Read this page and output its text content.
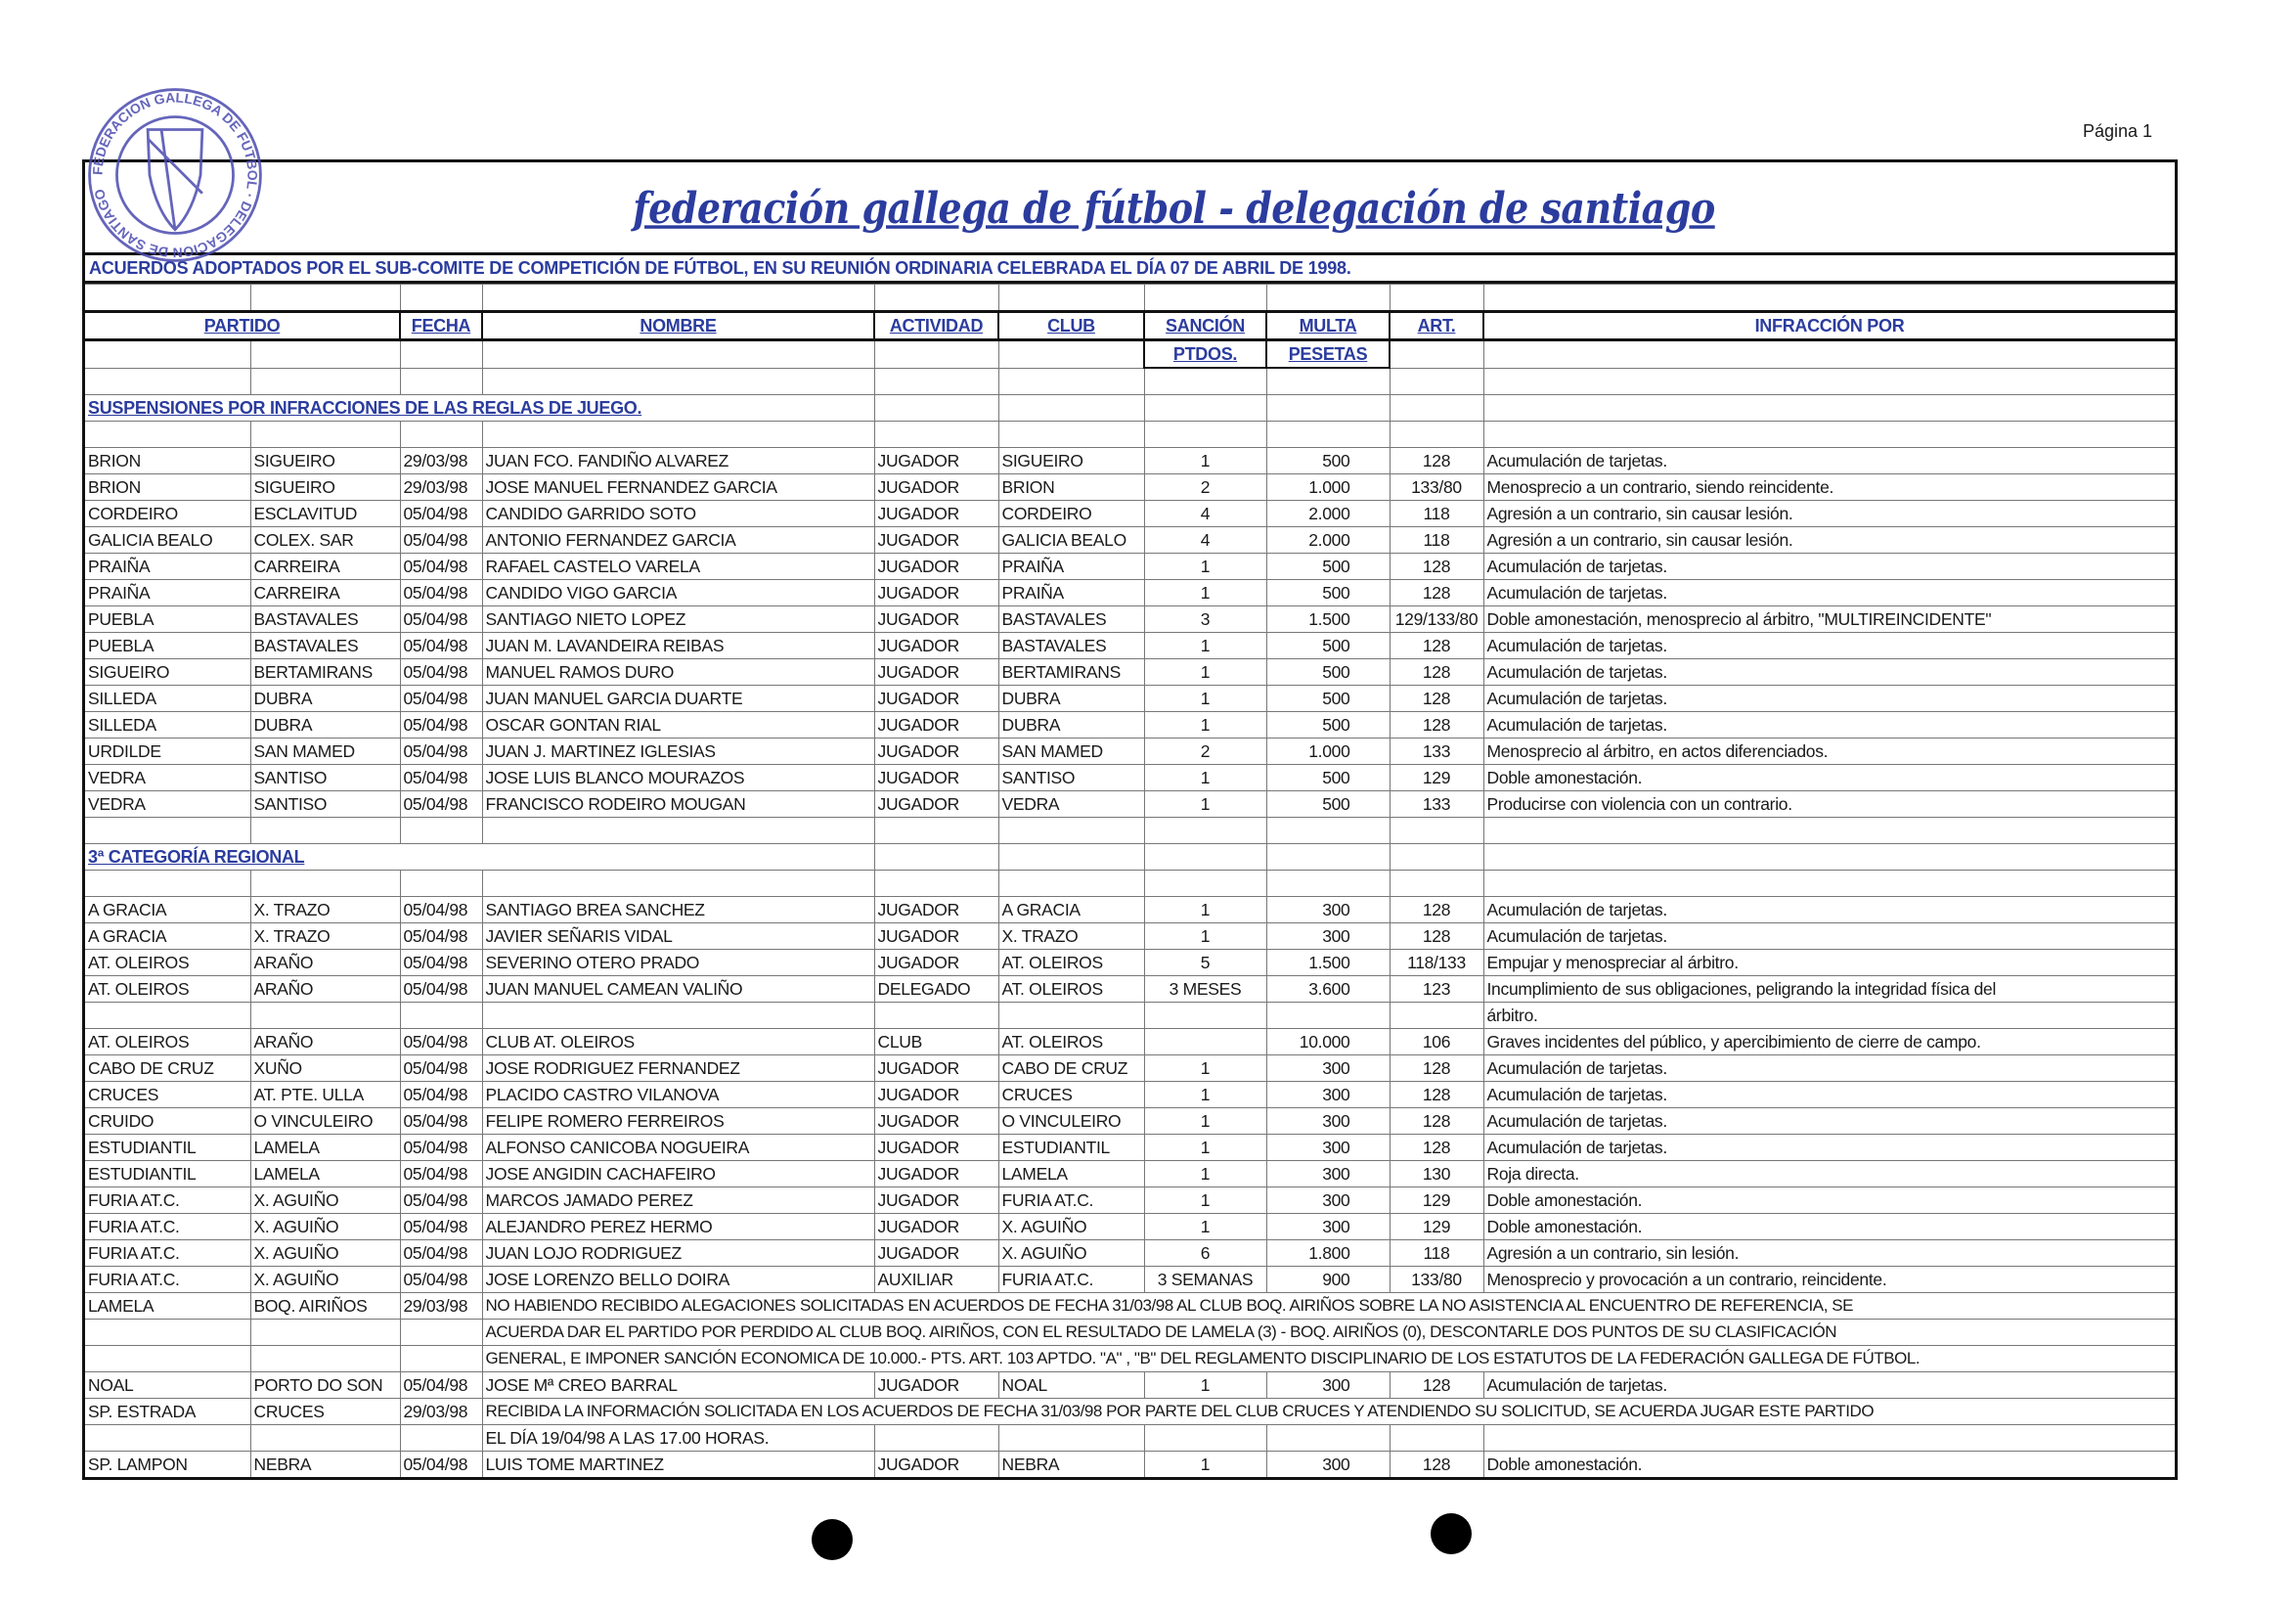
Página 1
federación gallega de fútbol - delegación de santiago
ACUERDOS ADOPTADOS POR EL SUB-COMITE DE COMPETICIÓN DE FÚTBOL, EN SU REUNIÓN ORDINARIA CELEBRADA EL DÍA 07 DE ABRIL DE 1998.

PARTIDO		FECHA	NOMBRE	ACTIVIDAD	CLUB	SANCIÓN	MULTA	ART.	INFRACCIÓN POR
						PTDOS.	PESETAS		

SUSPENSIONES POR INFRACCIONES DE LAS REGLAS DE JUEGO.									

BRION	SIGUEIRO	29/03/98	JUAN FCO. FANDIÑO ALVAREZ	JUGADOR	SIGUEIRO	1	500	128	Acumulación de tarjetas.
BRION	SIGUEIRO	29/03/98	JOSE MANUEL FERNANDEZ GARCIA	JUGADOR	BRION	2	1.000	133/80	Menosprecio a un contrario, siendo reincidente.
CORDEIRO	ESCLAVITUD	05/04/98	CANDIDO GARRIDO SOTO	JUGADOR	CORDEIRO	4	2.000	118	Agresión a un contrario, sin causar lesión.
GALICIA BEALO	COLEX. SAR	05/04/98	ANTONIO FERNANDEZ GARCIA	JUGADOR	GALICIA BEALO	4	2.000	118	Agresión a un contrario, sin causar lesión.
PRAIÑA	CARREIRA	05/04/98	RAFAEL CASTELO VARELA	JUGADOR	PRAIÑA	1	500	128	Acumulación de tarjetas.
PRAIÑA	CARREIRA	05/04/98	CANDIDO VIGO GARCIA	JUGADOR	PRAIÑA	1	500	128	Acumulación de tarjetas.
PUEBLA	BASTAVALES	05/04/98	SANTIAGO NIETO LOPEZ	JUGADOR	BASTAVALES	3	1.500	129/133/80	Doble amonestación, menosprecio al árbitro, "MULTIREINCIDENTE"
PUEBLA	BASTAVALES	05/04/98	JUAN M. LAVANDEIRA REIBAS	JUGADOR	BASTAVALES	1	500	128	Acumulación de tarjetas.
SIGUEIRO	BERTAMIRANS	05/04/98	MANUEL RAMOS DURO	JUGADOR	BERTAMIRANS	1	500	128	Acumulación de tarjetas.
SILLEDA	DUBRA	05/04/98	JUAN MANUEL GARCIA DUARTE	JUGADOR	DUBRA	1	500	128	Acumulación de tarjetas.
SILLEDA	DUBRA	05/04/98	OSCAR GONTAN RIAL	JUGADOR	DUBRA	1	500	128	Acumulación de tarjetas.
URDILDE	SAN MAMED	05/04/98	JUAN J. MARTINEZ IGLESIAS	JUGADOR	SAN MAMED	2	1.000	133	Menosprecio al árbitro, en actos diferenciados.
VEDRA	SANTISO	05/04/98	JOSE LUIS BLANCO MOURAZOS	JUGADOR	SANTISO	1	500	129	Doble amonestación.
VEDRA	SANTISO	05/04/98	FRANCISCO RODEIRO MOUGAN	JUGADOR	VEDRA	1	500	133	Producirse con violencia con un contrario.

3ª CATEGORÍA REGIONAL									

A GRACIA	X. TRAZO	05/04/98	SANTIAGO BREA SANCHEZ	JUGADOR	A GRACIA	1	300	128	Acumulación de tarjetas.
A GRACIA	X. TRAZO	05/04/98	JAVIER SEÑARIS VIDAL	JUGADOR	X. TRAZO	1	300	128	Acumulación de tarjetas.
AT. OLEIROS	ARAÑO	05/04/98	SEVERINO OTERO PRADO	JUGADOR	AT. OLEIROS	5	1.500	118/133	Empujar y menospreciar al árbitro.
AT. OLEIROS	ARAÑO	05/04/98	JUAN MANUEL CAMEAN VALIÑO	DELEGADO	AT. OLEIROS	3 MESES	3.600	123	Incumplimiento de sus obligaciones, peligrando la integridad física del
									árbitro.
AT. OLEIROS	ARAÑO	05/04/98	CLUB AT. OLEIROS	CLUB	AT. OLEIROS		10.000	106	Graves incidentes del público, y apercibimiento de cierre de campo.
CABO DE CRUZ	XUÑO	05/04/98	JOSE RODRIGUEZ FERNANDEZ	JUGADOR	CABO DE CRUZ	1	300	128	Acumulación de tarjetas.
CRUCES	AT. PTE. ULLA	05/04/98	PLACIDO CASTRO VILANOVA	JUGADOR	CRUCES	1	300	128	Acumulación de tarjetas.
CRUIDO	O VINCULEIRO	05/04/98	FELIPE ROMERO FERREIROS	JUGADOR	O VINCULEIRO	1	300	128	Acumulación de tarjetas.
ESTUDIANTIL	LAMELA	05/04/98	ALFONSO CANICOBA NOGUEIRA	JUGADOR	ESTUDIANTIL	1	300	128	Acumulación de tarjetas.
ESTUDIANTIL	LAMELA	05/04/98	JOSE ANGIDIN CACHAFEIRO	JUGADOR	LAMELA	1	300	130	Roja directa.
FURIA AT.C.	X. AGUIÑO	05/04/98	MARCOS JAMADO PEREZ	JUGADOR	FURIA AT.C.	1	300	129	Doble amonestación.
FURIA AT.C.	X. AGUIÑO	05/04/98	ALEJANDRO PEREZ HERMO	JUGADOR	X. AGUIÑO	1	300	129	Doble amonestación.
FURIA AT.C.	X. AGUIÑO	05/04/98	JUAN LOJO RODRIGUEZ	JUGADOR	X. AGUIÑO	6	1.800	118	Agresión a un contrario, sin lesión.
FURIA AT.C.	X. AGUIÑO	05/04/98	JOSE LORENZO BELLO DOIRA	AUXILIAR	FURIA AT.C.	3 SEMANAS	900	133/80	Menosprecio y provocación a un contrario, reincidente.
LAMELA	BOQ. AIRIÑOS	29/03/98	NO HABIENDO RECIBIDO ALEGACIONES SOLICITADAS EN ACUERDOS DE FECHA 31/03/98 AL CLUB BOQ. AIRIÑOS SOBRE LA NO ASISTENCIA AL ENCUENTRO DE REFERENCIA, SE						
			ACUERDA DAR EL PARTIDO POR PERDIDO AL CLUB BOQ. AIRIÑOS, CON EL RESULTADO DE LAMELA (3) - BOQ. AIRIÑOS (0), DESCONTARLE DOS PUNTOS DE SU CLASIFICACIÓN						
			GENERAL, E IMPONER SANCIÓN ECONOMICA DE 10.000.- PTS. ART. 103 APTDO. "A" , "B" DEL REGLAMENTO DISCIPLINARIO DE LOS ESTATUTOS DE LA FEDERACIÓN GALLEGA DE FÚTBOL.						
NOAL	PORTO DO SON	05/04/98	JOSE Mª CREO BARRAL	JUGADOR	NOAL	1	300	128	Acumulación de tarjetas.
SP. ESTRADA	CRUCES	29/03/98	RECIBIDA LA INFORMACIÓN SOLICITADA EN LOS ACUERDOS DE FECHA 31/03/98 POR PARTE DEL CLUB CRUCES Y ATENDIENDO SU SOLICITUD, SE ACUERDA JUGAR ESTE PARTIDO						
			EL DÍA 19/04/98 A LAS 17.00 HORAS.						
SP. LAMPON	NEBRA	05/04/98	LUIS TOME MARTINEZ	JUGADOR	NEBRA	1	300	128	Doble amonestación.
FEDERACION GALLEGA DE FUTBOL · DELEGACION DE SANTIAGO
